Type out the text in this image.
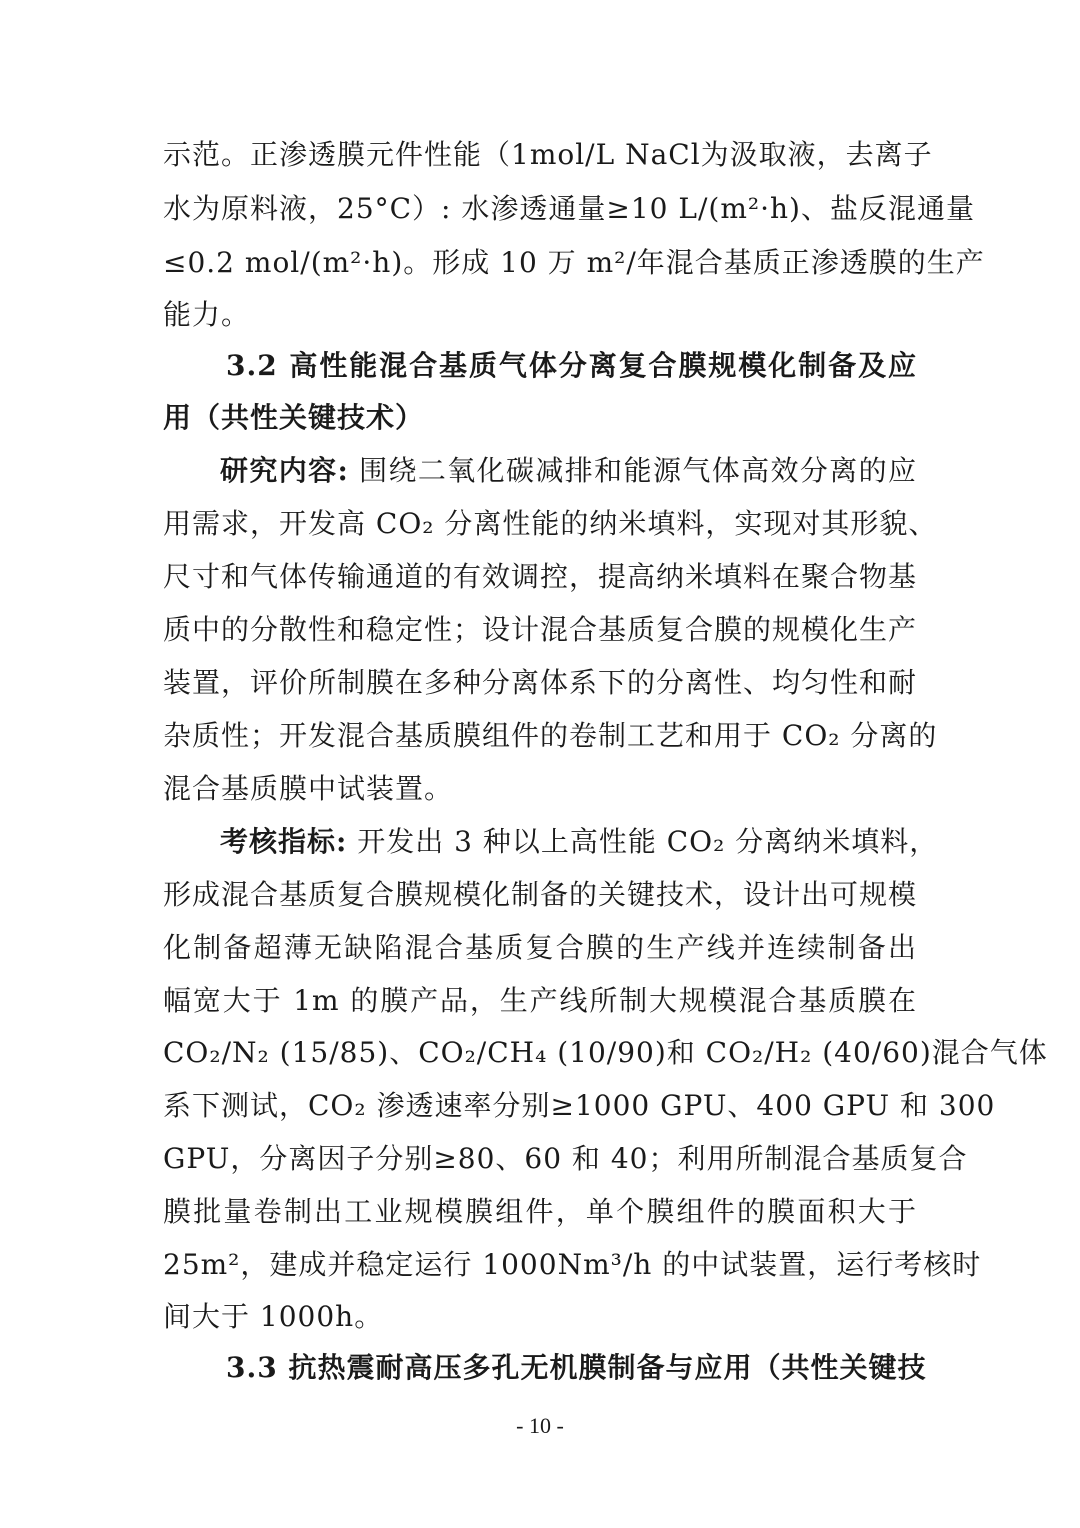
示范。正渗透膜元件性能（1mol/L NaCl为汲取液，去离子
水为原料液，25°C）: 水渗透通量≥10 L/(m²·h)、盐反混通量
≤0.2 mol/(m²·h)。形成 10 万 m²/年混合基质正渗透膜的生产
能力。
3.2 高性能混合基质气体分离复合膜规模化制备及应
用（共性关键技术）
研究内容: 围绕二氧化碳减排和能源气体高效分离的应
用需求，开发高 CO₂ 分离性能的纳米填料，实现对其形貌、
尺寸和气体传输通道的有效调控，提高纳米填料在聚合物基
质中的分散性和稳定性；设计混合基质复合膜的规模化生产
装置，评价所制膜在多种分离体系下的分离性、均匀性和耐
杂质性；开发混合基质膜组件的卷制工艺和用于 CO₂ 分离的
混合基质膜中试装置。
考核指标: 开发出 3 种以上高性能 CO₂ 分离纳米填料，
形成混合基质复合膜规模化制备的关键技术，设计出可规模
化制备超薄无缺陷混合基质复合膜的生产线并连续制备出
幅宽大于 1m 的膜产品，生产线所制大规模混合基质膜在
CO₂/N₂ (15/85)、CO₂/CH₄ (10/90)和 CO₂/H₂ (40/60)混合气体
系下测试，CO₂ 渗透速率分别≥1000 GPU、400 GPU 和 300
GPU，分离因子分别≥80、60 和 40；利用所制混合基质复合
膜批量卷制出工业规模膜组件，单个膜组件的膜面积大于
25m²，建成并稳定运行 1000Nm³/h 的中试装置，运行考核时
间大于 1000h。
3.3 抗热震耐高压多孔无机膜制备与应用（共性关键技
- 10 -
